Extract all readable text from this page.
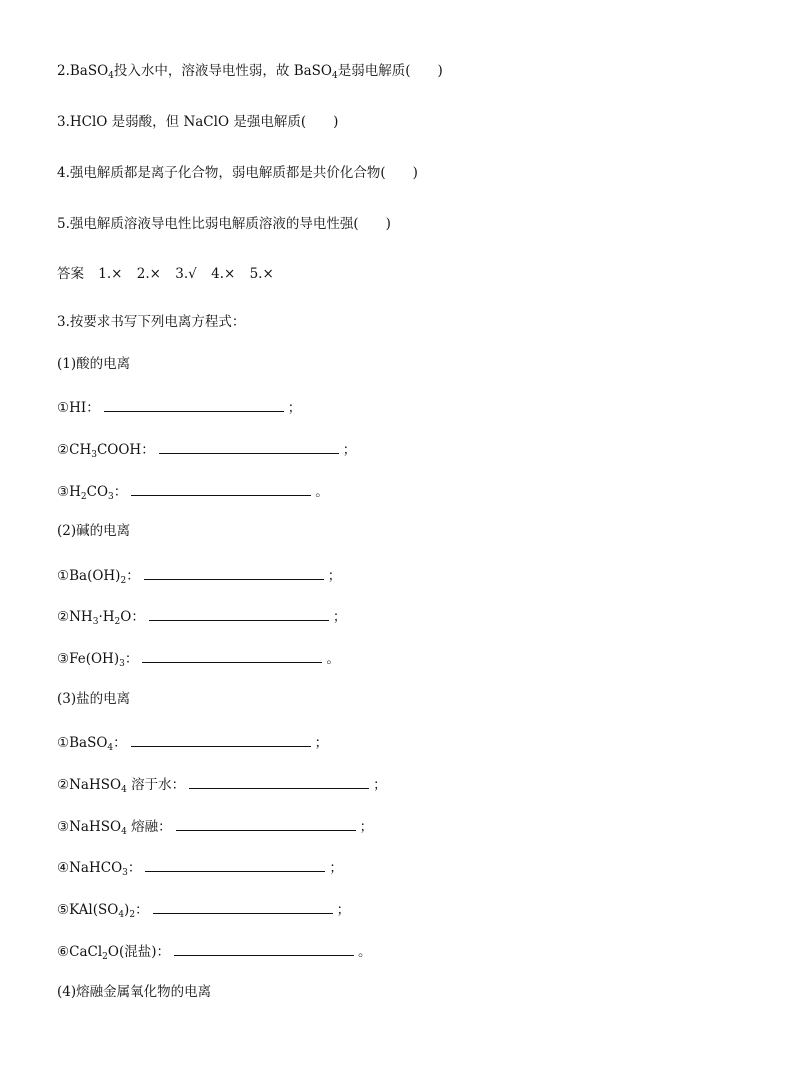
2.BaSO$_4$投入水中，溶液导电性弱，故 BaSO$_4$是弱电解质(　　)
3.HClO 是弱酸，但 NaClO 是强电解质(　　)
4.强电解质都是离子化合物，弱电解质都是共价化合物(　　)
5.强电解质溶液导电性比弱电解质溶液的导电性强(　　)
答案 1.× 2.× 3.√ 4.× 5.×
3.按要求书写下列电离方程式：
(1)酸的电离
①HI：	；
$②CH_3COOH$：	；
$③H_2CO_3$：	。
(2)碱的电离
$①Ba(OH)_2$：	；
$②NH_3\cdot H_2O$：	；
$③Fe(OH)_3$：	。
(3)盐的电离
①BaSO$_4$：	；
②NaHSO$_4$ 溶于水：	；
③NaHSO$_4$ 熔融：	；
④NaHCO$_3$：	；
$⑤KAl(SO_4)_2$：	；
⑥CaCl$_2$O(混盐)：	。
(4)熔融金属氧化物的电离
